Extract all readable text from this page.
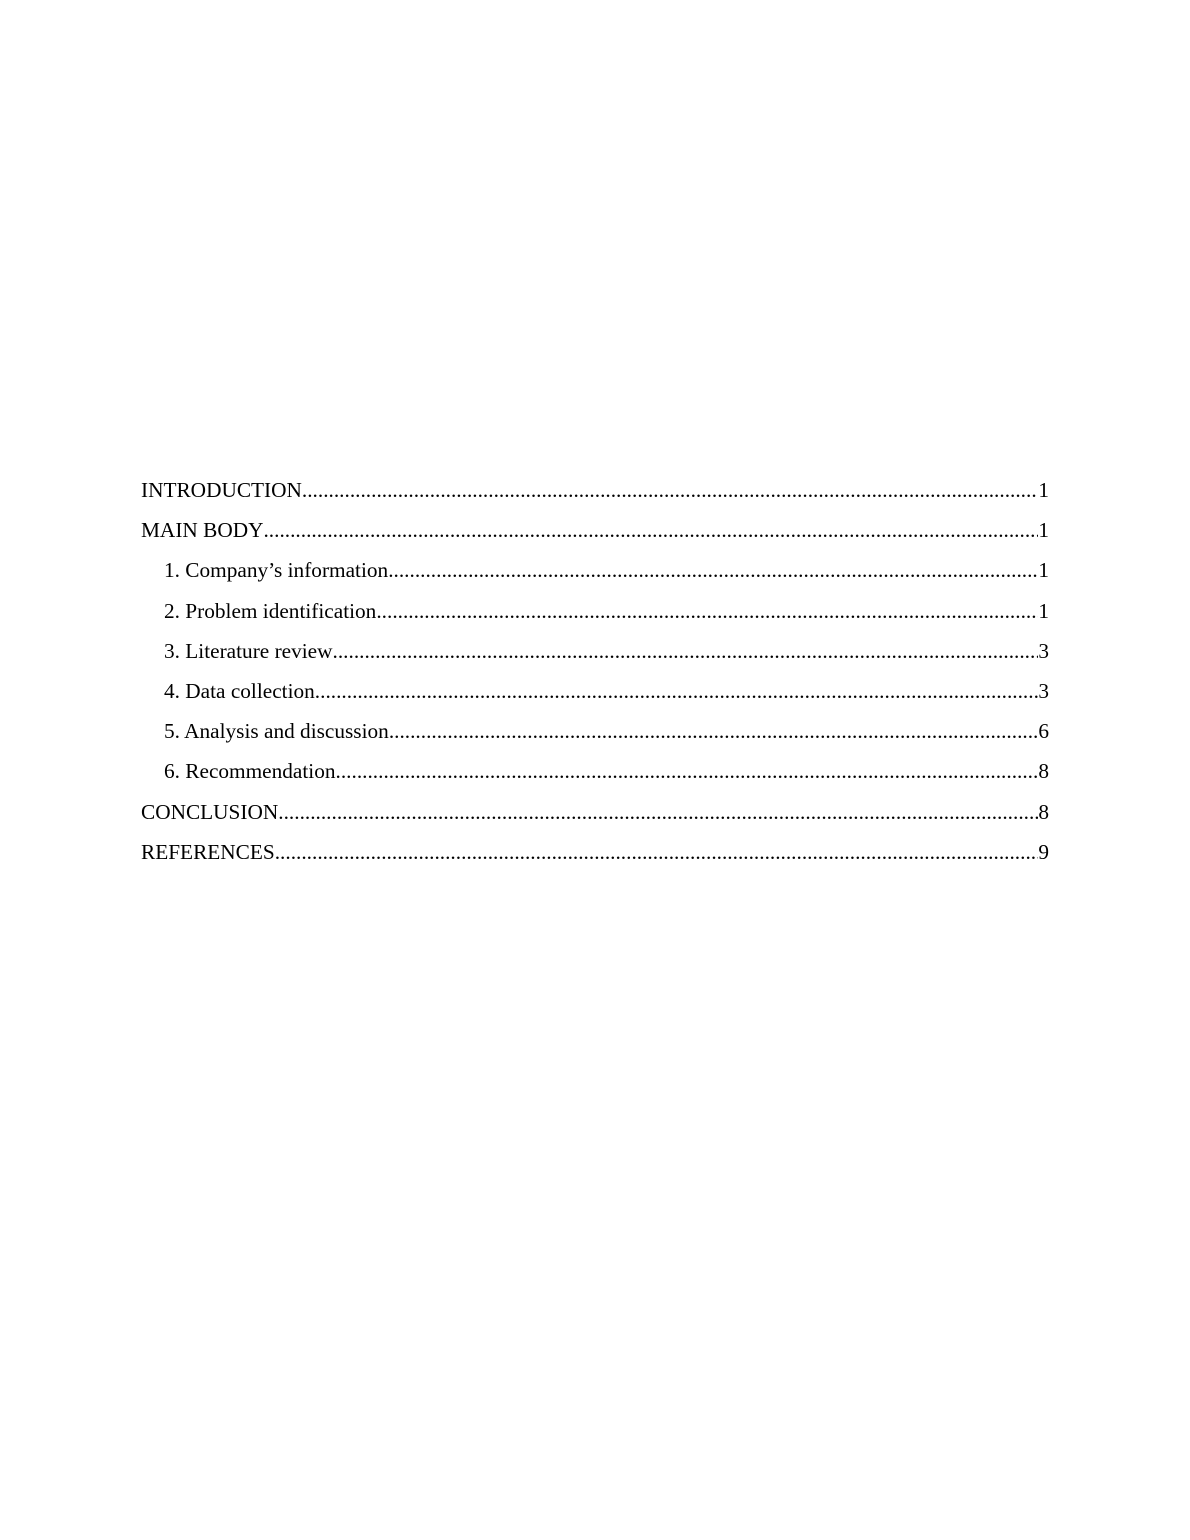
INTRODUCTION .....	1
MAIN BODY .....	1
1. Company’s information .....	1
2. Problem identification .....	1
3. Literature review .....	3
4. Data collection .....	3
5. Analysis and discussion .....	6
6. Recommendation .....	8
CONCLUSION .....	8
REFERENCES .....	9
